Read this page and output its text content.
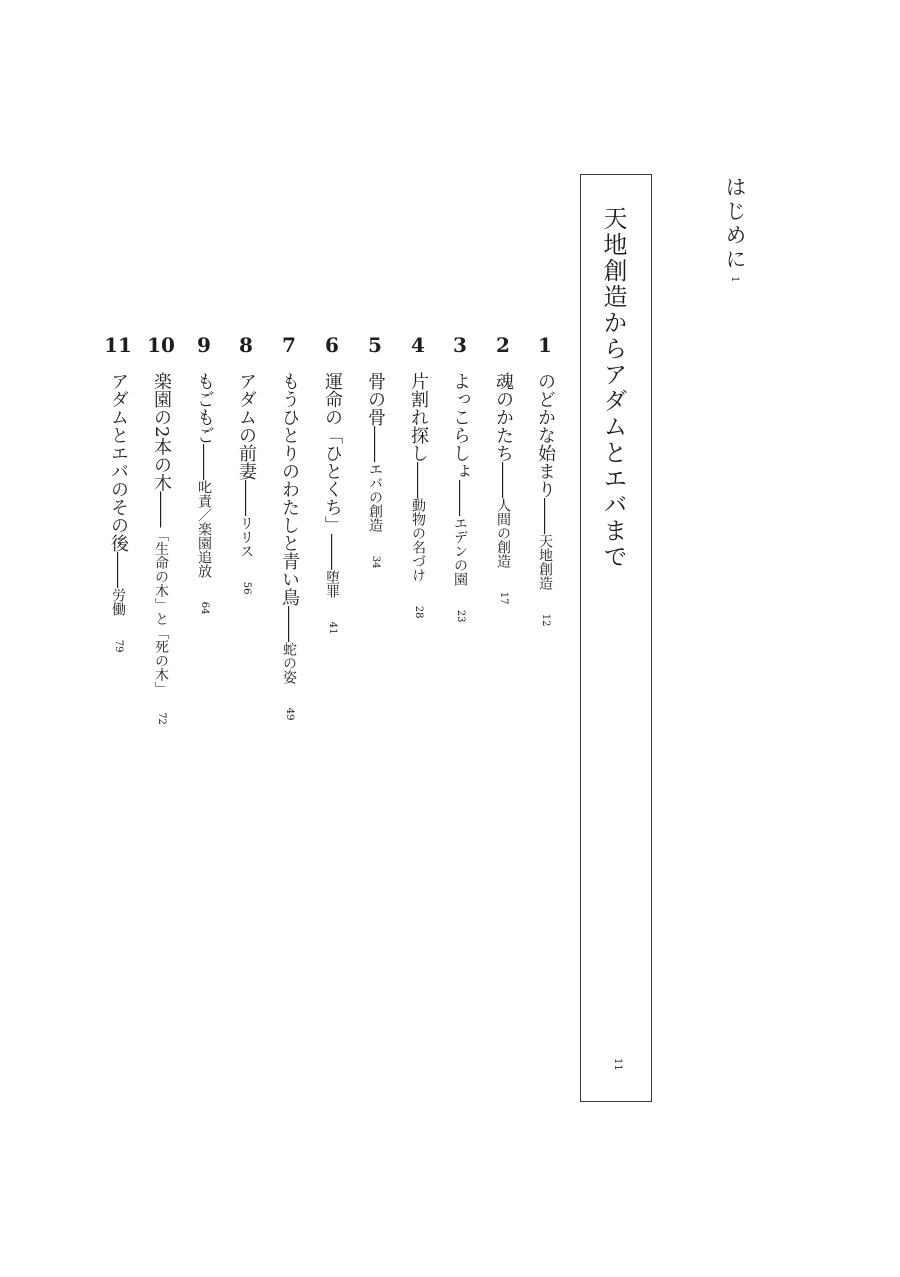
はじめに
1
天地創造からアダムとエバまで
11
1
のどかな始まり――天地創造　 12
2
魂のかたち――人間の創造　 17
3
よっこらしょ――エデンの園　 23
4
片割れ探し――動物の名づけ　 28
5
骨の骨――エバの創造　 34
6
運命の「ひとくち」――堕罪　 41
7
もうひとりのわたしと青い鳥――蛇の姿　 49
8
アダムの前妻――リリス　 56
9
もごもご――叱責／楽園追放　 64
10
楽園の2本の木――「生命の木」と「死の木」　 72
11
アダムとエバのその後――労働　 79
